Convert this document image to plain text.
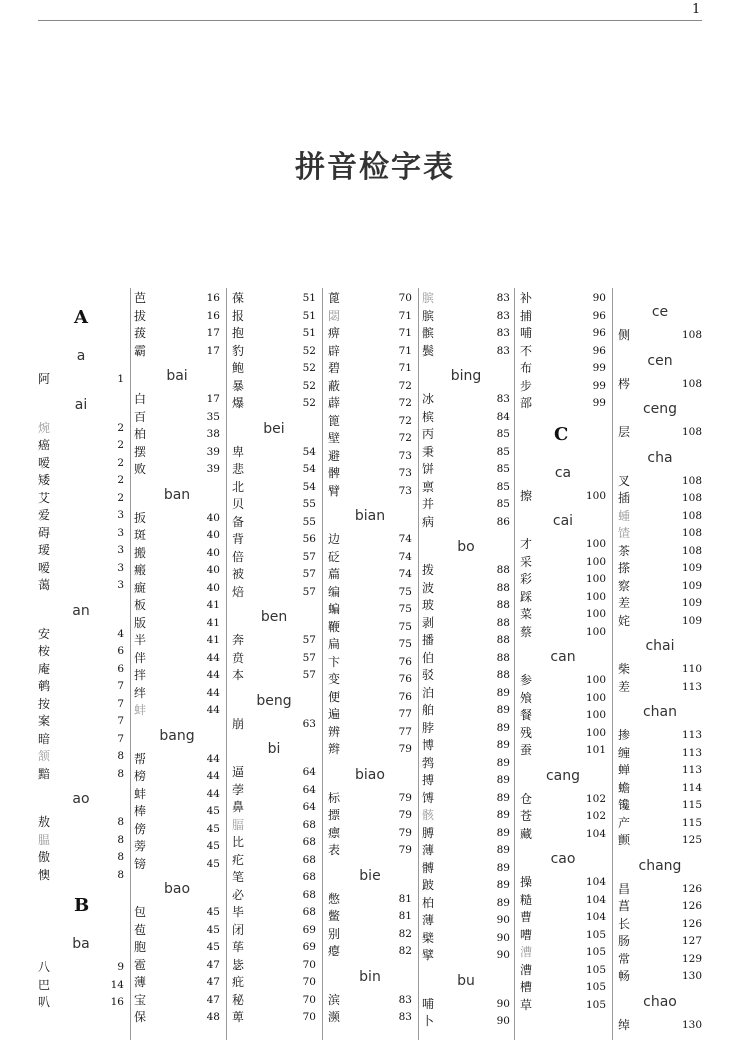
1
拼音检字表
A
a
阿	1
ai
焥	2
癌	2
嗳	2
矮	2
艾	2
爱	3
碍	3
瑷	3
嗳	3
蔼	3
an
安	4
桉	6
庵	6
鹌	7
按	7
案	7
暗	7
颔	8
黯	8
ao
敖	8
腽	8
傲	8
懊	8
B
ba
八	9
巴	14
叭	16
芭	16
拔	16
菝	17
霸	17
bai
白	17
百	35
柏	38
摆	39
败	39
ban
扳	40
斑	40
搬	40
瘢	40
癍	40
板	41
版	41
半	41
伴	44
拌	44
绊	44
蚌	44
bang
帮	44
榜	44
蚌	44
棒	45
傍	45
蒡	45
镑	45
bao
包	45
苞	45
胞	45
雹	47
薄	47
宝	47
保	48
葆	51
报	51
抱	51
豹	52
鲍	52
暴	52
爆	52
bei
卑	54
悲	54
北	54
贝	55
备	55
背	56
倍	57
被	57
焙	57
ben
奔	57
贲	57
本	57
beng
崩	63
bi
逼	64
荸	64
鼻	64
腷	68
比	68
疕	68
笔	68
必	68
毕	68
闭	69
荜	69
毖	70
疪	70
秘	70
萆	70
蓖	70
閟	71
痹	71
辟	71
碧	71
蔽	72
薜	72
篦	72
壁	72
避	73
髀	73
臂	73
bian
边	74
砭	74
萹	74
编	75
蝙	75
鞭	75
扁	75
卞	76
变	76
便	76
遍	77
辨	77
辫	79
biao
标	79
摽	79
瘭	79
表	79
bie
憋	81
鳖	81
别	82
瘪	82
bin
滨	83
濒	83
膑	83
膑	83
髌	83
鬓	83
bing
冰	83
槟	84
丙	85
秉	85
饼	85
禀	85
并	85
病	86
bo
拨	88
波	88
玻	88
剥	88
播	88
伯	88
驳	88
泊	89
舶	89
脖	89
博	89
鹁	89
搏	89
馎	89
骸	89
膊	89
薄	89
髆	89
跛	89
柏	89
薄	90
檗	90
擘	90
bu
哺	90
卜	90
补	90
捕	96
哺	96
不	96
布	99
步	99
部	99
C
ca
擦	100
cai
才	100
采	100
彩	100
踩	100
菜	100
蔡	100
can
参	100
飧	100
餐	100
残	100
蚕	101
cang
仓	102
苍	102
藏	104
cao
操	104
糙	104
曹	104
嘈	105
漕	105
漕	105
槽	105
草	105
ce
侧	108
cen
梣	108
ceng
层	108
cha
叉	108
插	108
蝩	108
馇	108
茶	108
搽	109
察	109
差	109
姹	109
chai
柴	110
差	113
chan
掺	113
缠	113
蝉	113
蟾	114
镵	115
产	115
颤	125
chang
昌	126
菖	126
长	126
肠	127
常	129
畅	130
chao
绰	130
